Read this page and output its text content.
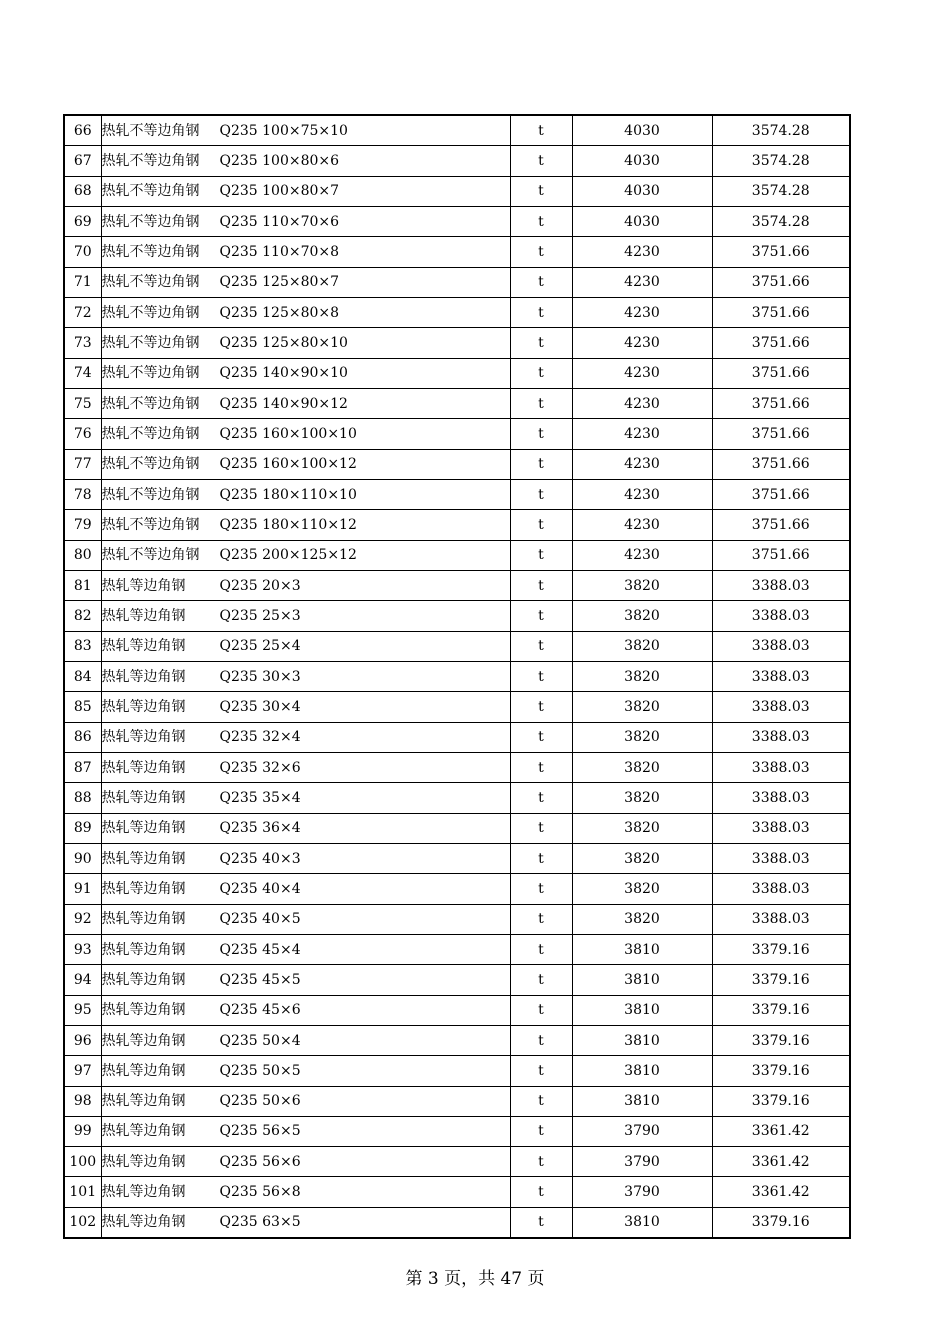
66	热轧不等边角钢 Q235 100×75×10	t	4030	3574.28
67	热轧不等边角钢 Q235 100×80×6	t	4030	3574.28
68	热轧不等边角钢 Q235 100×80×7	t	4030	3574.28
69	热轧不等边角钢 Q235 110×70×6	t	4030	3574.28
70	热轧不等边角钢 Q235 110×70×8	t	4230	3751.66
71	热轧不等边角钢 Q235 125×80×7	t	4230	3751.66
72	热轧不等边角钢 Q235 125×80×8	t	4230	3751.66
73	热轧不等边角钢 Q235 125×80×10	t	4230	3751.66
74	热轧不等边角钢 Q235 140×90×10	t	4230	3751.66
75	热轧不等边角钢 Q235 140×90×12	t	4230	3751.66
76	热轧不等边角钢 Q235 160×100×10	t	4230	3751.66
77	热轧不等边角钢 Q235 160×100×12	t	4230	3751.66
78	热轧不等边角钢 Q235 180×110×10	t	4230	3751.66
79	热轧不等边角钢 Q235 180×110×12	t	4230	3751.66
80	热轧不等边角钢 Q235 200×125×12	t	4230	3751.66
81	热轧等边角钢 Q235 20×3	t	3820	3388.03
82	热轧等边角钢 Q235 25×3	t	3820	3388.03
83	热轧等边角钢 Q235 25×4	t	3820	3388.03
84	热轧等边角钢 Q235 30×3	t	3820	3388.03
85	热轧等边角钢 Q235 30×4	t	3820	3388.03
86	热轧等边角钢 Q235 32×4	t	3820	3388.03
87	热轧等边角钢 Q235 32×6	t	3820	3388.03
88	热轧等边角钢 Q235 35×4	t	3820	3388.03
89	热轧等边角钢 Q235 36×4	t	3820	3388.03
90	热轧等边角钢 Q235 40×3	t	3820	3388.03
91	热轧等边角钢 Q235 40×4	t	3820	3388.03
92	热轧等边角钢 Q235 40×5	t	3820	3388.03
93	热轧等边角钢 Q235 45×4	t	3810	3379.16
94	热轧等边角钢 Q235 45×5	t	3810	3379.16
95	热轧等边角钢 Q235 45×6	t	3810	3379.16
96	热轧等边角钢 Q235 50×4	t	3810	3379.16
97	热轧等边角钢 Q235 50×5	t	3810	3379.16
98	热轧等边角钢 Q235 50×6	t	3810	3379.16
99	热轧等边角钢 Q235 56×5	t	3790	3361.42
100	热轧等边角钢 Q235 56×6	t	3790	3361.42
101	热轧等边角钢 Q235 56×8	t	3790	3361.42
102	热轧等边角钢 Q235 63×5	t	3810	3379.16
第 3 页，共 47 页
